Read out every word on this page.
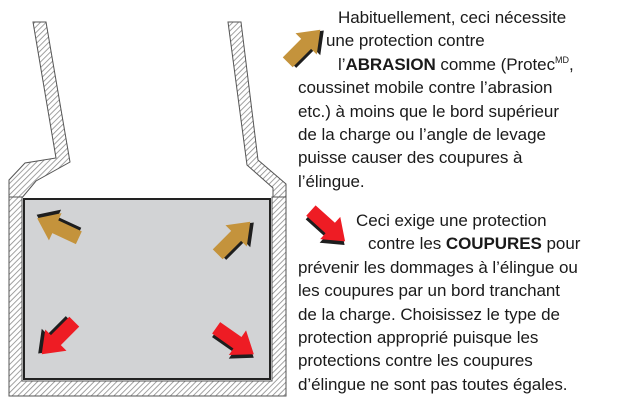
Habituellement, ceci nécessite
une protection contre
l’ABRASION comme (Protec$^{MD}$,
coussinet mobile contre l’abrasion
etc.) à moins que le bord supérieur
de la charge ou l’angle de levage
puisse causer des coupures à
l’élingue.
Ceci exige une protection
contre les COUPURES pour
prévenir les dommages à l’élingue ou
les coupures par un bord tranchant
de la charge. Choisissez le type de
protection approprié puisque les
protections contre les coupures
d’élingue ne sont pas toutes égales.
